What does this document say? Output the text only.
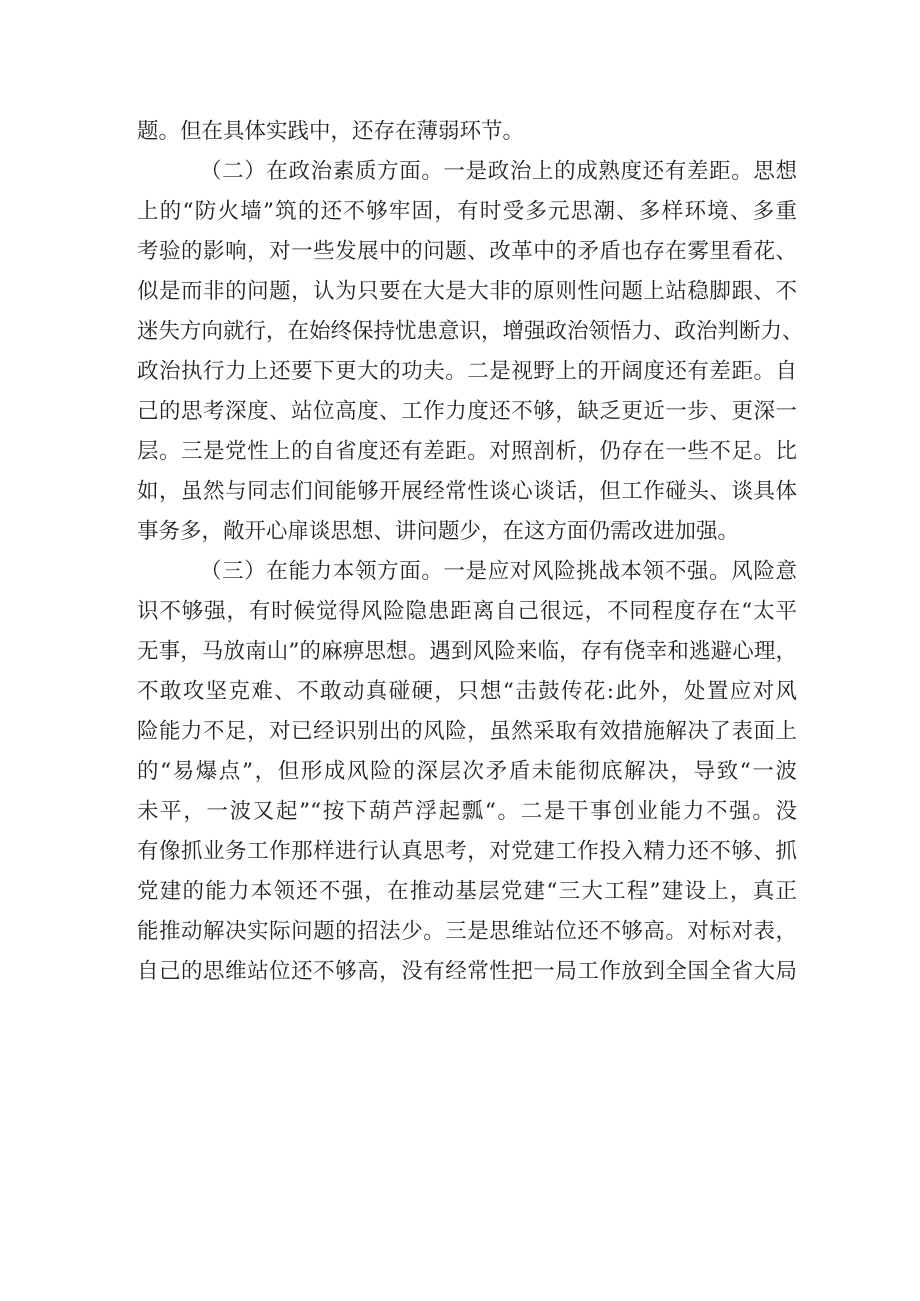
题。但在具体实践中，还存在薄弱环节。
（二）在政治素质方面。一是政治上的成熟度还有差距。思想
上的“防火墙”筑的还不够牢固，有时受多元思潮、多样环境、多重
考验的影响，对一些发展中的问题、改革中的矛盾也存在雾里看花、
似是而非的问题，认为只要在大是大非的原则性问题上站稳脚跟、不
迷失方向就行，在始终保持忧患意识，增强政治领悟力、政治判断力、
政治执行力上还要下更大的功夫。二是视野上的开阔度还有差距。自
己的思考深度、站位高度、工作力度还不够，缺乏更近一步、更深一
层。三是党性上的自省度还有差距。对照剖析，仍存在一些不足。比
如，虽然与同志们间能够开展经常性谈心谈话，但工作碰头、谈具体
事务多，敞开心扉谈思想、讲问题少，在这方面仍需改进加强。
（三）在能力本领方面。一是应对风险挑战本领不强。风险意
识不够强，有时候觉得风险隐患距离自己很远，不同程度存在“太平
无事，马放南山”的麻痹思想。遇到风险来临，存有侥幸和逃避心理，
不敢攻坚克难、不敢动真碰硬，只想“击鼓传花:此外，处置应对风
险能力不足，对已经识别出的风险，虽然采取有效措施解决了表面上
的“易爆点”，但形成风险的深层次矛盾未能彻底解决，导致“一波
未平，一波又起”“按下葫芦浮起瓢“。二是干事创业能力不强。没
有像抓业务工作那样进行认真思考，对党建工作投入精力还不够、抓
党建的能力本领还不强，在推动基层党建“三大工程”建设上，真正
能推动解决实际问题的招法少。三是思维站位还不够高。对标对表，
自己的思维站位还不够高，没有经常性把一局工作放到全国全省大局
